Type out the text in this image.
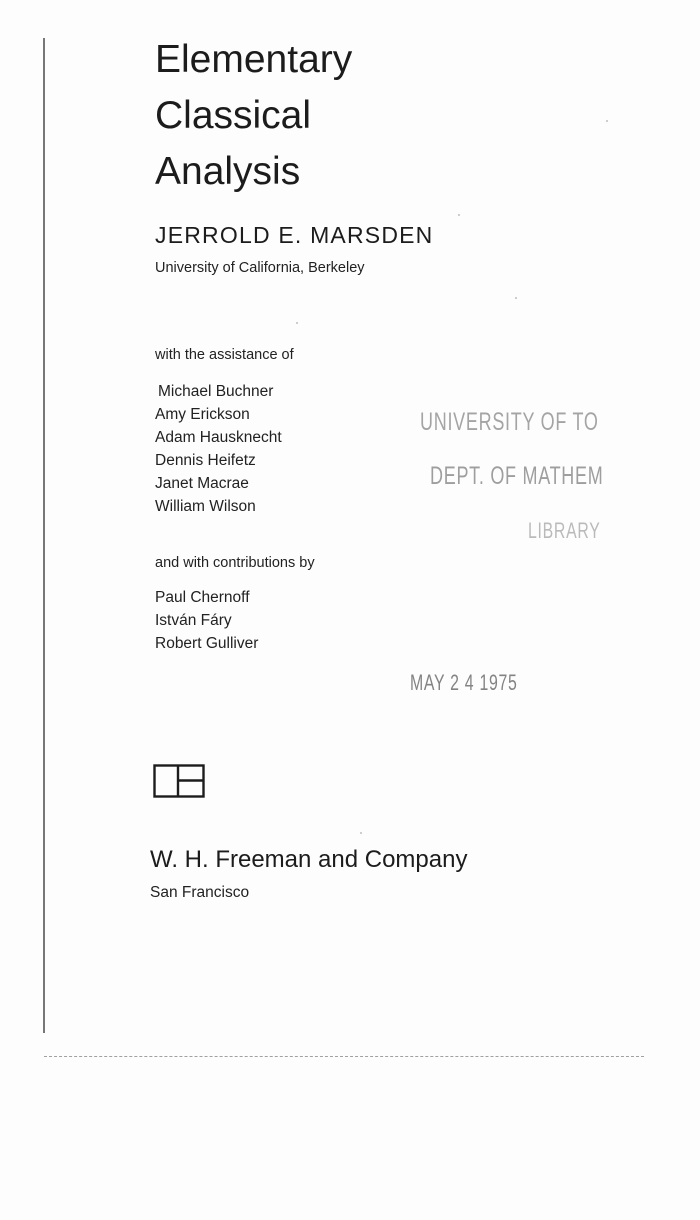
Elementary
Classical
Analysis
JERROLD E. MARSDEN
University of California, Berkeley
with the assistance of
Michael Buchner
Amy Erickson
Adam Hausknecht
Dennis Heifetz
Janet Macrae
William Wilson
and with contributions by
Paul Chernoff
István Fáry
Robert Gulliver
UNIVERSITY OF TO
DEPT. OF MATHEM
LIBRARY
MAY 2 4 1975
W. H. Freeman and Company
San Francisco
